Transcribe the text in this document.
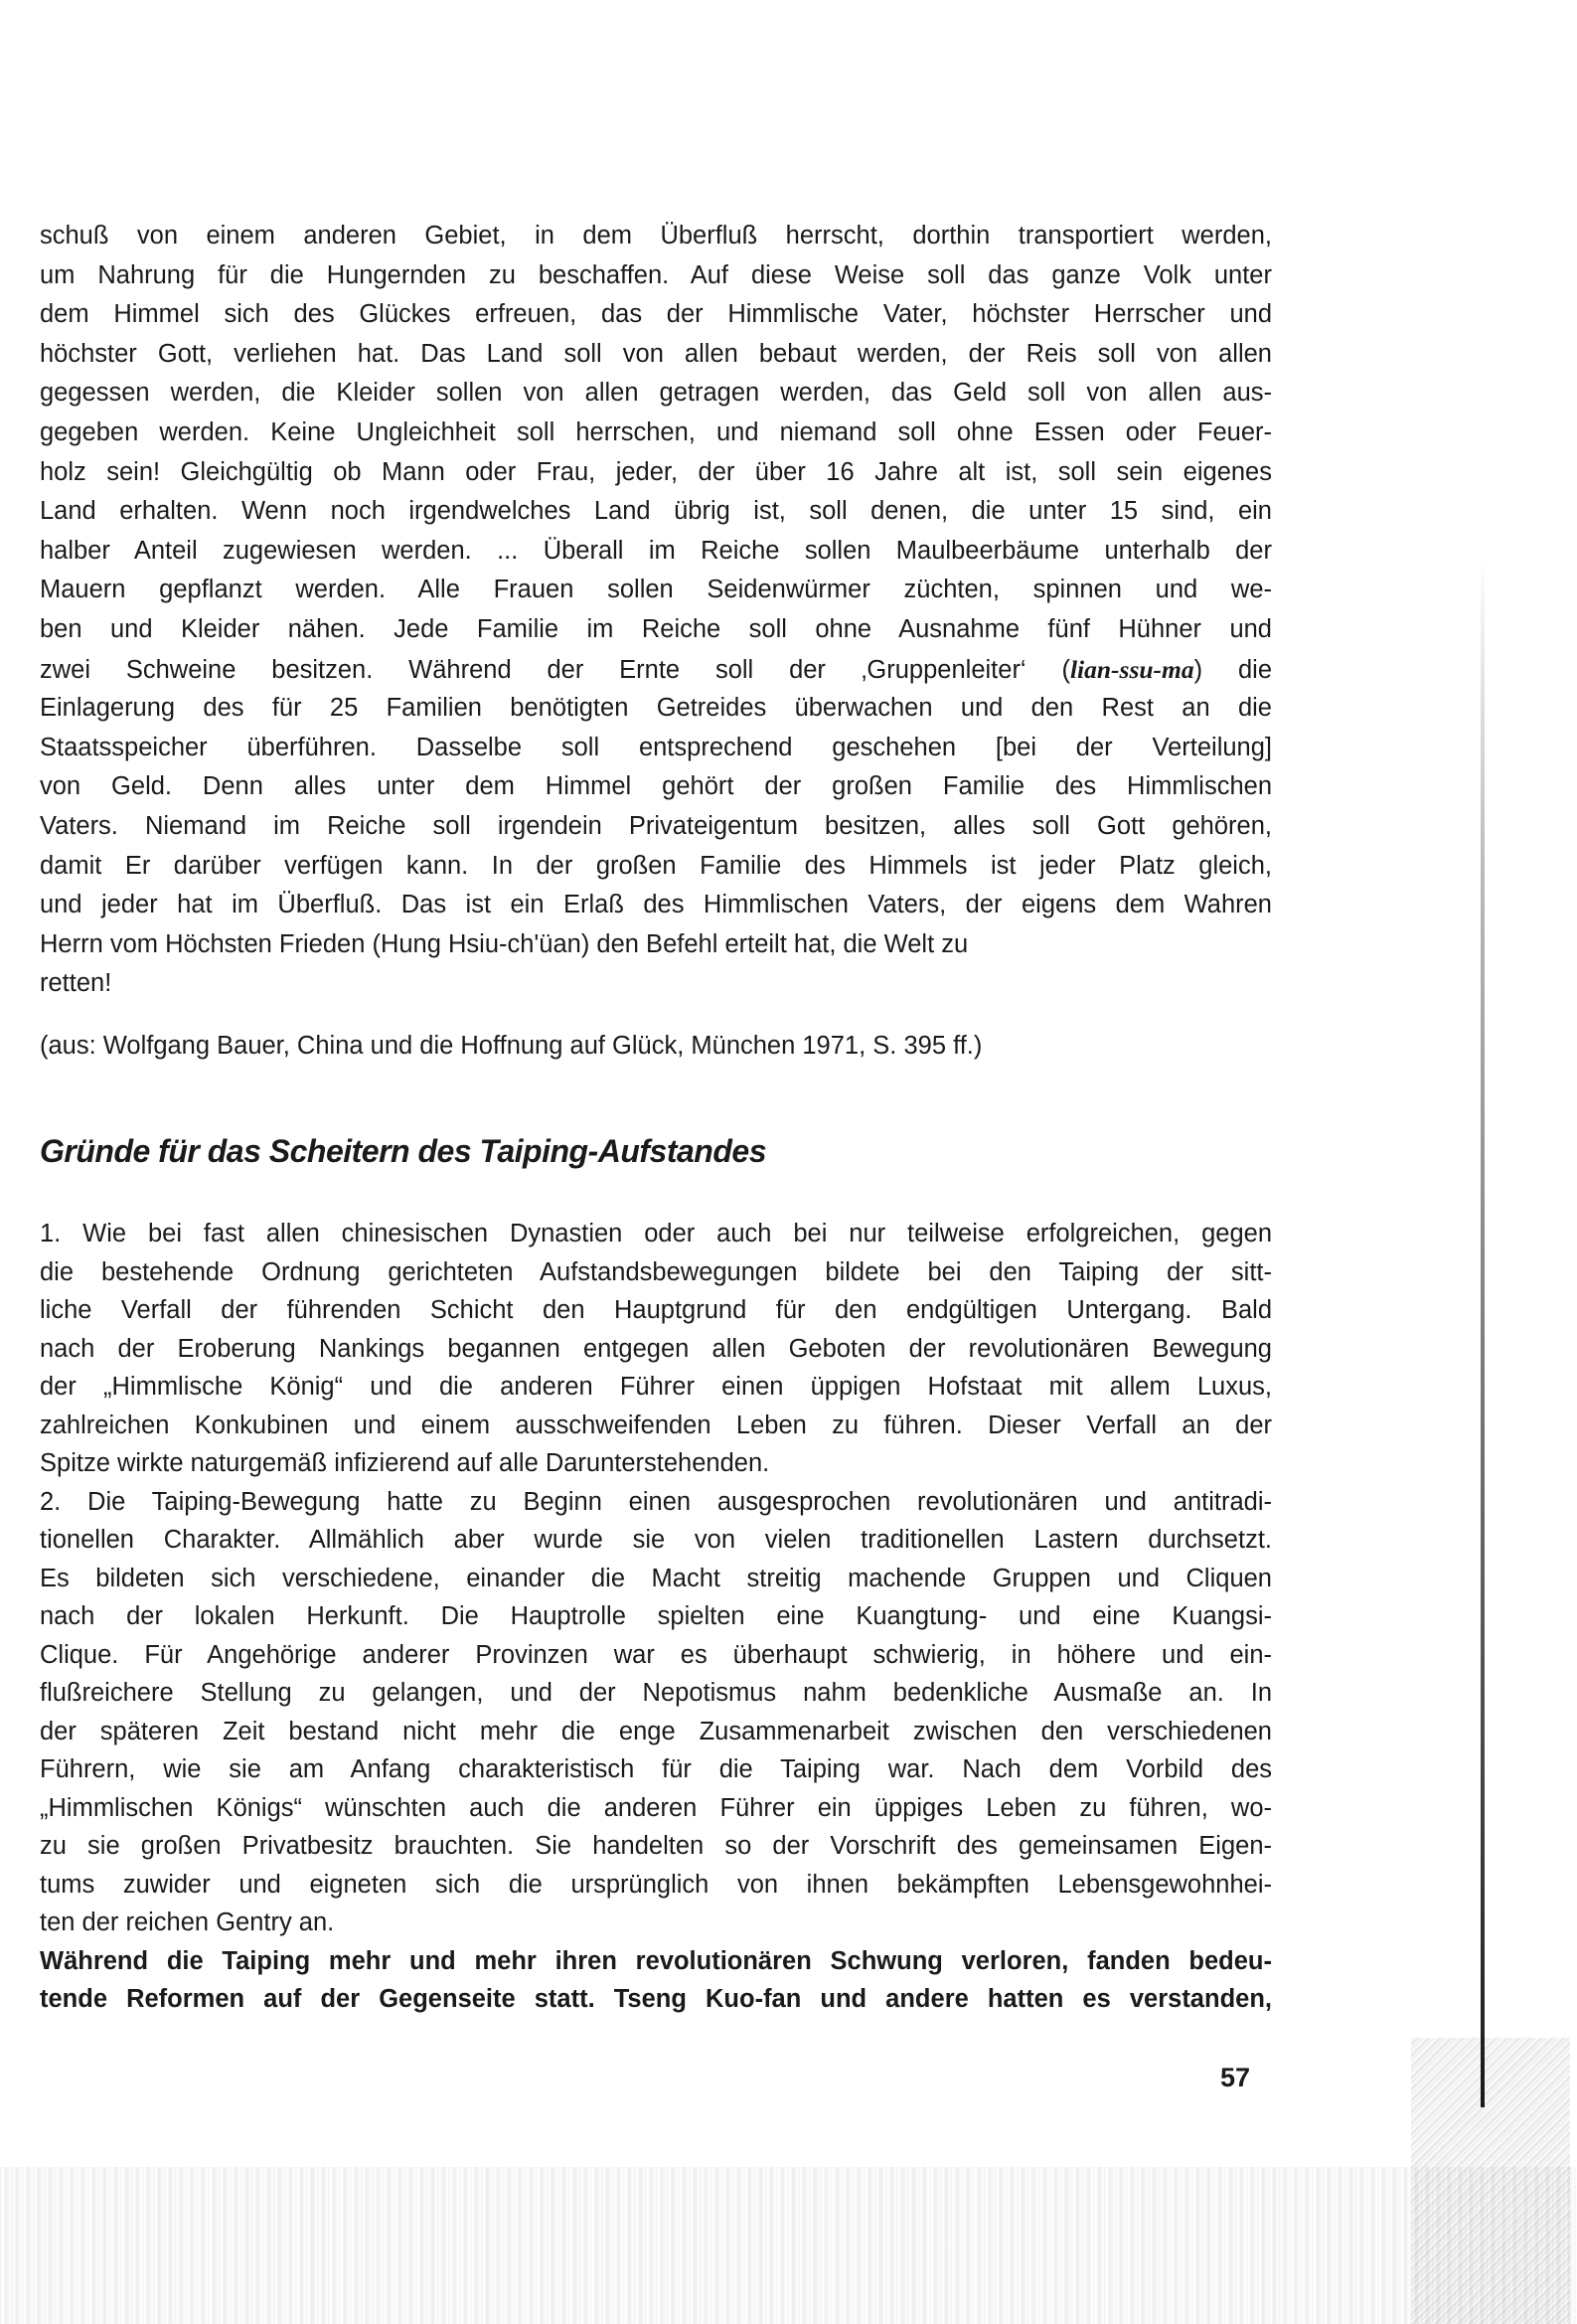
schuß von einem anderen Gebiet, in dem Überfluß herrscht, dorthin transportiert werden,
um Nahrung für die Hungernden zu beschaffen. Auf diese Weise soll das ganze Volk unter
dem Himmel sich des Glückes erfreuen, das der Himmlische Vater, höchster Herrscher und
höchster Gott, verliehen hat. Das Land soll von allen bebaut werden, der Reis soll von allen
gegessen werden, die Kleider sollen von allen getragen werden, das Geld soll von allen aus-
gegeben werden. Keine Ungleichheit soll herrschen, und niemand soll ohne Essen oder Feuer-
holz sein! Gleichgültig ob Mann oder Frau, jeder, der über 16 Jahre alt ist, soll sein eigenes
Land erhalten. Wenn noch irgendwelches Land übrig ist, soll denen, die unter 15 sind, ein
halber Anteil zugewiesen werden. ... Überall im Reiche sollen Maulbeerbäume unterhalb der
Mauern gepflanzt werden. Alle Frauen sollen Seidenwürmer züchten, spinnen und we-
ben und Kleider nähen. Jede Familie im Reiche soll ohne Ausnahme fünf Hühner und
zwei Schweine besitzen. Während der Ernte soll der ‚Gruppenleiter‘ (lian-ssu-ma) die
Einlagerung des für 25 Familien benötigten Getreides überwachen und den Rest an die
Staatsspeicher überführen. Dasselbe soll entsprechend geschehen [bei der Verteilung]
von Geld. Denn alles unter dem Himmel gehört der großen Familie des Himmlischen
Vaters. Niemand im Reiche soll irgendein Privateigentum besitzen, alles soll Gott gehören,
damit Er darüber verfügen kann. In der großen Familie des Himmels ist jeder Platz gleich,
und jeder hat im Überfluß. Das ist ein Erlaß des Himmlischen Vaters, der eigens dem Wahren
Herrn vom Höchsten Frieden (Hung Hsiu-ch'üan) den Befehl erteilt hat, die Welt zu
retten!
(aus: Wolfgang Bauer, China und die Hoffnung auf Glück, München 1971, S. 395 ff.)
Gründe für das Scheitern des Taiping-Aufstandes
1. Wie bei fast allen chinesischen Dynastien oder auch bei nur teilweise erfolgreichen, gegen
die bestehende Ordnung gerichteten Aufstandsbewegungen bildete bei den Taiping der sitt-
liche Verfall der führenden Schicht den Hauptgrund für den endgültigen Untergang. Bald
nach der Eroberung Nankings begannen entgegen allen Geboten der revolutionären Bewegung
der „Himmlische König“ und die anderen Führer einen üppigen Hofstaat mit allem Luxus,
zahlreichen Konkubinen und einem ausschweifenden Leben zu führen. Dieser Verfall an der
Spitze wirkte naturgemäß infizierend auf alle Darunterstehenden.
2. Die Taiping-Bewegung hatte zu Beginn einen ausgesprochen revolutionären und antitradi-
tionellen Charakter. Allmählich aber wurde sie von vielen traditionellen Lastern durchsetzt.
Es bildeten sich verschiedene, einander die Macht streitig machende Gruppen und Cliquen
nach der lokalen Herkunft. Die Hauptrolle spielten eine Kuangtung- und eine Kuangsi-
Clique. Für Angehörige anderer Provinzen war es überhaupt schwierig, in höhere und ein-
flußreichere Stellung zu gelangen, und der Nepotismus nahm bedenkliche Ausmaße an. In
der späteren Zeit bestand nicht mehr die enge Zusammenarbeit zwischen den verschiedenen
Führern, wie sie am Anfang charakteristisch für die Taiping war. Nach dem Vorbild des
„Himmlischen Königs“ wünschten auch die anderen Führer ein üppiges Leben zu führen, wo-
zu sie großen Privatbesitz brauchten. Sie handelten so der Vorschrift des gemeinsamen Eigen-
tums zuwider und eigneten sich die ursprünglich von ihnen bekämpften Lebensgewohnhei-
ten der reichen Gentry an.
Während die Taiping mehr und mehr ihren revolutionären Schwung verloren, fanden bedeu-
tende Reformen auf der Gegenseite statt. Tseng Kuo-fan und andere hatten es verstanden,
57
